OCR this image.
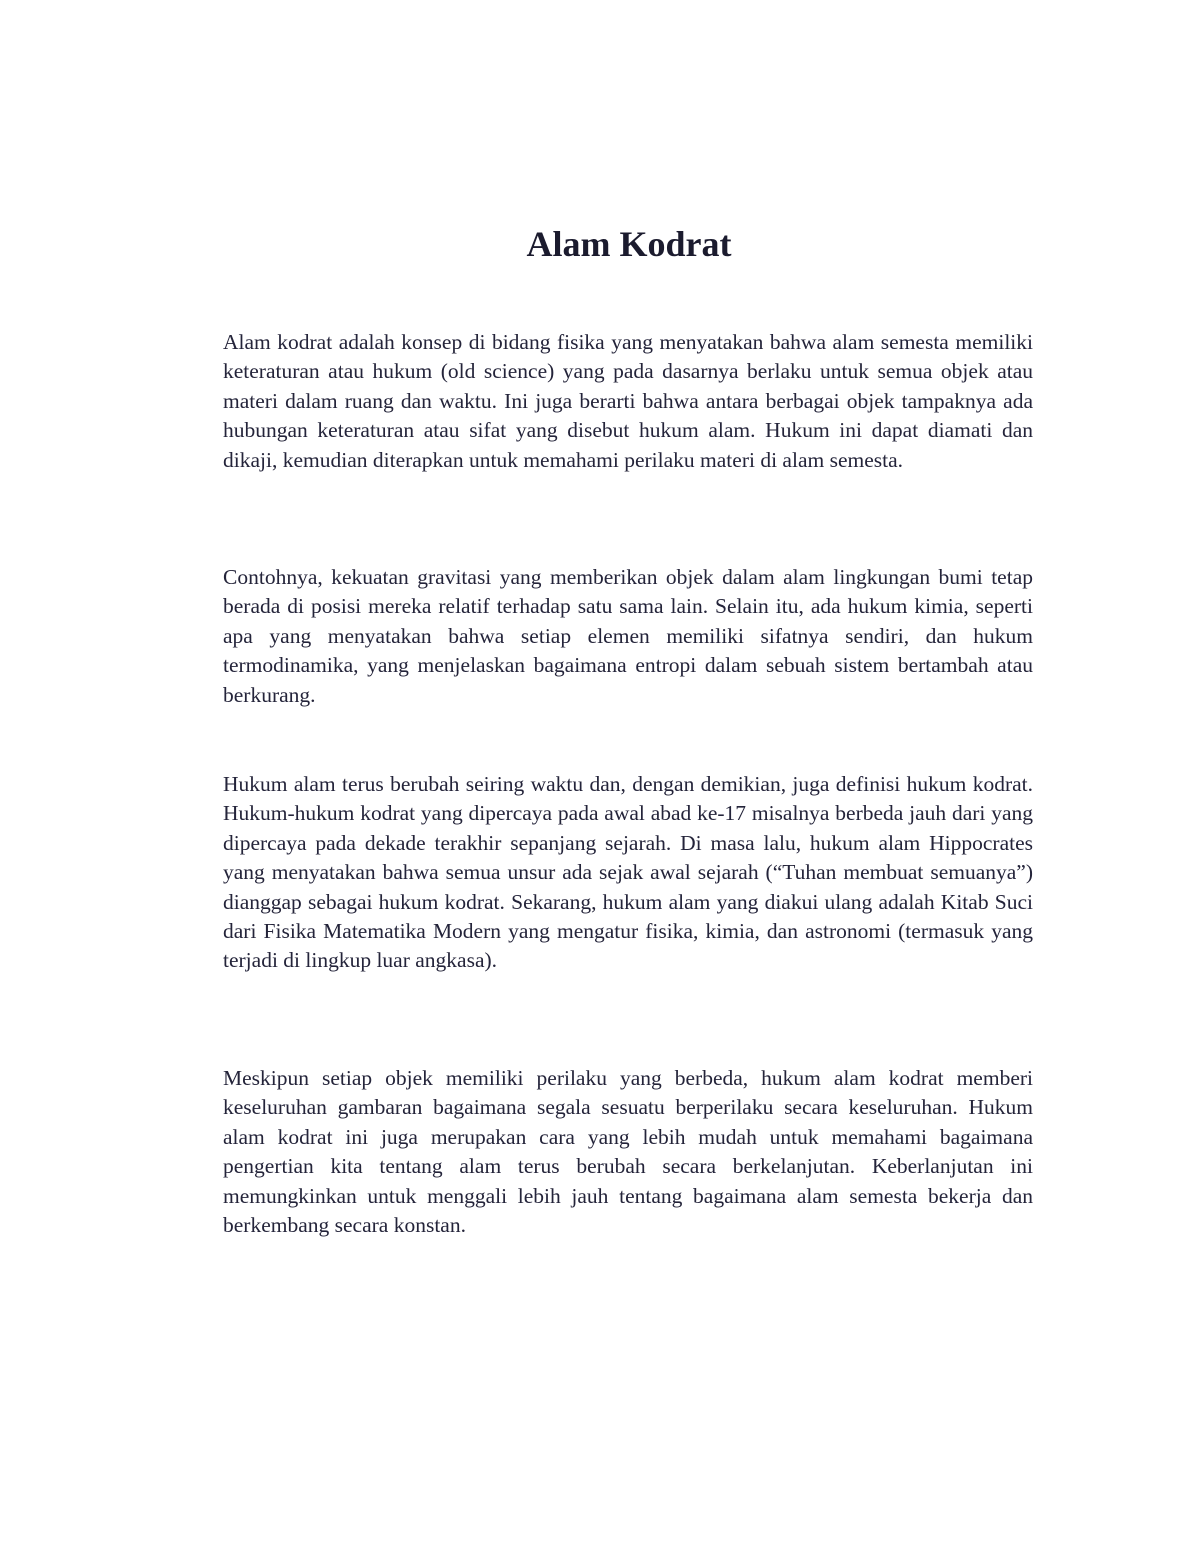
Alam Kodrat

Alam kodrat adalah konsep di bidang fisika yang menyatakan bahwa alam semesta memiliki keteraturan atau hukum (old science) yang pada dasarnya berlaku untuk semua objek atau materi dalam ruang dan waktu. Ini juga berarti bahwa antara berbagai objek tampaknya ada hubungan keteraturan atau sifat yang disebut hukum alam. Hukum ini dapat diamati dan dikaji, kemudian diterapkan untuk memahami perilaku materi di alam semesta.

Contohnya, kekuatan gravitasi yang memberikan objek dalam alam lingkungan bumi tetap berada di posisi mereka relatif terhadap satu sama lain. Selain itu, ada hukum kimia, seperti apa yang menyatakan bahwa setiap elemen memiliki sifatnya sendiri, dan hukum termodinamika, yang menjelaskan bagaimana entropi dalam sebuah sistem bertambah atau berkurang.

Hukum alam terus berubah seiring waktu dan, dengan demikian, juga definisi hukum kodrat. Hukum-hukum kodrat yang dipercaya pada awal abad ke-17 misalnya berbeda jauh dari yang dipercaya pada dekade terakhir sepanjang sejarah. Di masa lalu, hukum alam Hippocrates yang menyatakan bahwa semua unsur ada sejak awal sejarah (“Tuhan membuat semuanya”) dianggap sebagai hukum kodrat. Sekarang, hukum alam yang diakui ulang adalah Kitab Suci dari Fisika Matematika Modern yang mengatur fisika, kimia, dan astronomi (termasuk yang terjadi di lingkup luar angkasa).

Meskipun setiap objek memiliki perilaku yang berbeda, hukum alam kodrat memberi keseluruhan gambaran bagaimana segala sesuatu berperilaku secara keseluruhan. Hukum alam kodrat ini juga merupakan cara yang lebih mudah untuk memahami bagaimana pengertian kita tentang alam terus berubah secara berkelanjutan. Keberlanjutan ini memungkinkan untuk menggali lebih jauh tentang bagaimana alam semesta bekerja dan berkembang secara konstan.
